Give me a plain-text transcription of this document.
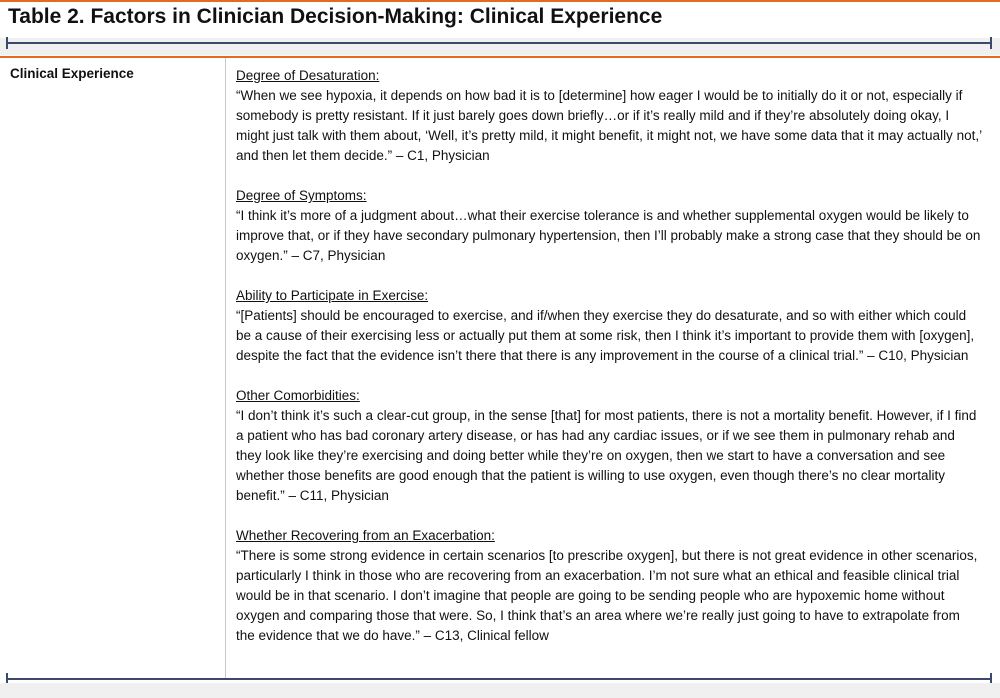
Table 2. Factors in Clinician Decision-Making: Clinical Experience
Clinical Experience	Degree of Desaturation:
“When we see hypoxia, it depends on how bad it is to [determine] how eager I would be to initially do it or not, especially if somebody is pretty resistant. If it just barely goes down briefly…or if it’s really mild and if they’re absolutely doing okay, I might just talk with them about, ‘Well, it’s pretty mild, it might benefit, it might not, we have some data that it may actually not,’ and then let them decide.” – C1, Physician
Degree of Symptoms:
“I think it’s more of a judgment about…what their exercise tolerance is and whether supplemental oxygen would be likely to improve that, or if they have secondary pulmonary hypertension, then I’ll probably make a strong case that they should be on oxygen.” – C7, Physician
Ability to Participate in Exercise:
“[Patients] should be encouraged to exercise, and if/when they exercise they do desaturate, and so with either which could be a cause of their exercising less or actually put them at some risk, then I think it’s important to provide them with [oxygen], despite the fact that the evidence isn’t there that there is any improvement in the course of a clinical trial.” – C10, Physician
Other Comorbidities:
“I don’t think it’s such a clear-cut group, in the sense [that] for most patients, there is not a mortality benefit. However, if I find a patient who has bad coronary artery disease, or has had any cardiac issues, or if we see them in pulmonary rehab and they look like they’re exercising and doing better while they’re on oxygen, then we start to have a conversation and see whether those benefits are good enough that the patient is willing to use oxygen, even though there’s no clear mortality benefit.” – C11, Physician
Whether Recovering from an Exacerbation:
“There is some strong evidence in certain scenarios [to prescribe oxygen], but there is not great evidence in other scenarios, particularly I think in those who are recovering from an exacerbation. I’m not sure what an ethical and feasible clinical trial would be in that scenario. I don’t imagine that people are going to be sending people who are hypoxemic home without oxygen and comparing those that were. So, I think that’s an area where we’re really just going to have to extrapolate from the evidence that we do have.” – C13, Clinical fellow
